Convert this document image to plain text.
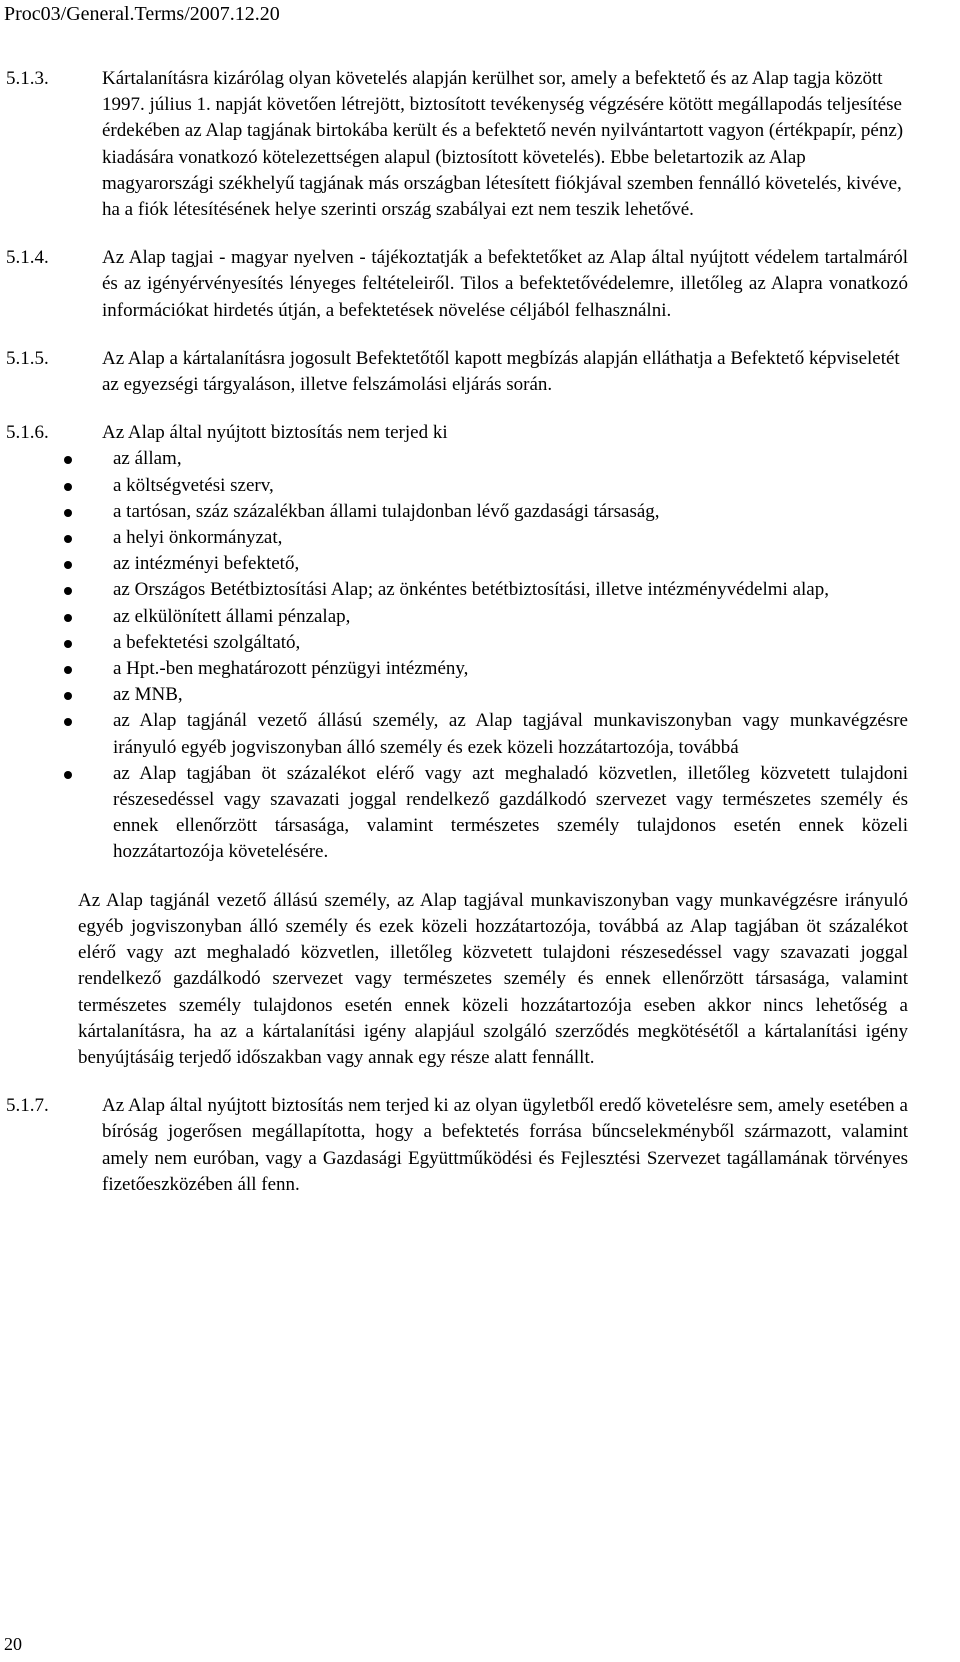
Proc03/General.Terms/2007.12.20
5.1.3.	Kártalanításra kizárólag olyan követelés alapján kerülhet sor, amely a befektető és az Alap tagja között 1997. július 1. napját követően létrejött, biztosított tevékenység végzésére kötött megállapodás teljesítése érdekében az Alap tagjának birtokába került és a befektető nevén nyilvántartott vagyon (értékpapír, pénz) kiadására vonatkozó kötelezettségen alapul (biztosított követelés). Ebbe beletartozik az Alap magyarországi székhelyű tagjának más országban létesített fiókjával szemben fennálló követelés, kivéve, ha a fiók létesítésének helye szerinti ország szabályai ezt nem teszik lehetővé.
5.1.4.	Az Alap tagjai - magyar nyelven - tájékoztatják a befektetőket az Alap által nyújtott védelem tartalmáról és az igényérvényesítés lényeges feltételeiről. Tilos a befektetővédelemre, illetőleg az Alapra vonatkozó információkat hirdetés útján, a befektetések növelése céljából felhasználni.
5.1.5.	Az Alap a kártalanításra jogosult Befektetőtől kapott megbízás alapján elláthatja a Befektető képviseletét az egyezségi tárgyaláson, illetve felszámolási eljárás során.
5.1.6.	Az Alap által nyújtott biztosítás nem terjed ki
az állam,
a költségvetési szerv,
a tartósan, száz százalékban állami tulajdonban lévő gazdasági társaság,
a helyi önkormányzat,
az intézményi befektető,
az Országos Betétbiztosítási Alap; az önkéntes betétbiztosítási, illetve intézményvédelmi alap,
az elkülönített állami pénzalap,
a befektetési szolgáltató,
a Hpt.-ben meghatározott pénzügyi intézmény,
az MNB,
az Alap tagjánál vezető állású személy, az Alap tagjával munkaviszonyban vagy munkavégzésre irányuló egyéb jogviszonyban álló személy és ezek közeli hozzátartozója, továbbá
az Alap tagjában öt százalékot elérő vagy azt meghaladó közvetlen, illetőleg közvetett tulajdoni részesedéssel vagy szavazati joggal rendelkező gazdálkodó szervezet vagy természetes személy és ennek ellenőrzött társasága, valamint természetes személy tulajdonos esetén ennek közeli hozzátartozója követelésére.
Az Alap tagjánál vezető állású személy, az Alap tagjával munkaviszonyban vagy munkavégzésre irányuló egyéb jogviszonyban álló személy és ezek közeli hozzátartozója, továbbá az Alap tagjában öt százalékot elérő vagy azt meghaladó közvetlen, illetőleg közvetett tulajdoni részesedéssel vagy szavazati joggal rendelkező gazdálkodó szervezet vagy természetes személy és ennek ellenőrzött társasága, valamint természetes személy tulajdonos esetén ennek közeli hozzátartozója eseben akkor nincs lehetőség a kártalanításra, ha az a kártalanítási igény alapjául szolgáló szerződés megkötésétől a kártalanítási igény benyújtásáig terjedő időszakban vagy annak egy része alatt fennállt.
5.1.7.	Az Alap által nyújtott biztosítás nem terjed ki az olyan ügyletből eredő követelésre sem, amely esetében a bíróság jogerősen megállapította, hogy a befektetés forrása bűncselekményből származott, valamint amely nem euróban, vagy a Gazdasági Együttműködési és Fejlesztési Szervezet tagállamának törvényes fizetőeszközében áll fenn.
20
